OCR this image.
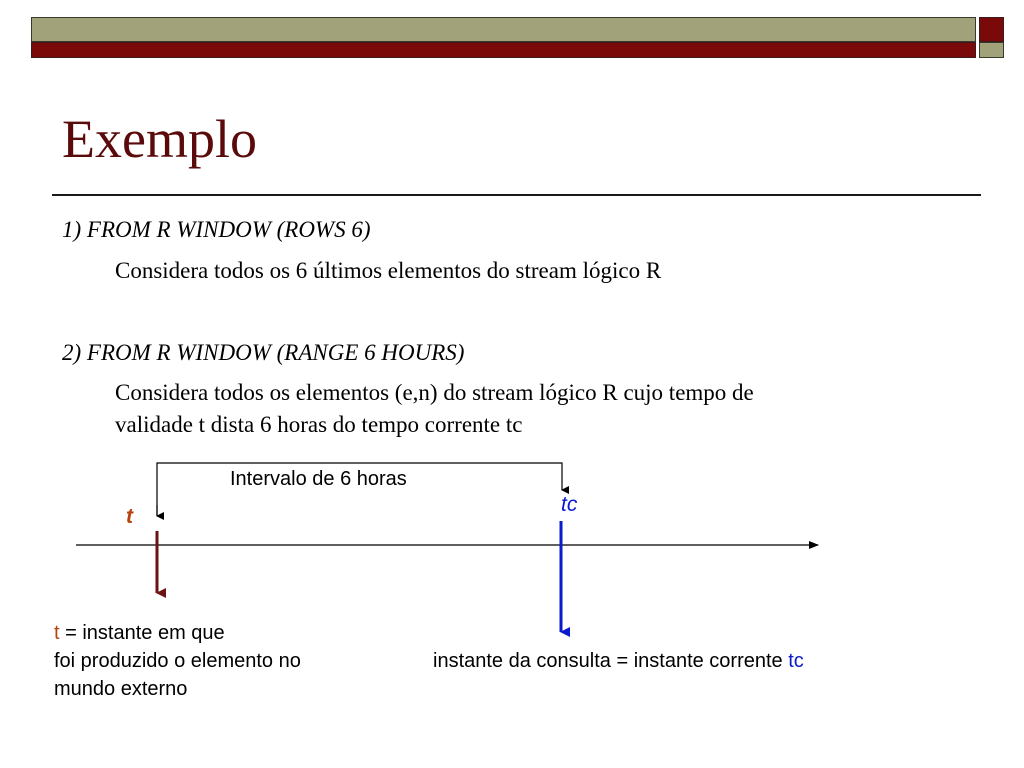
Exemplo
1) FROM R WINDOW (ROWS 6)
Considera todos os 6 últimos elementos do stream lógico R
2) FROM R WINDOW (RANGE 6 HOURS)
Considera todos os elementos (e,n) do stream lógico R cujo tempo de
validade t dista 6 horas do tempo corrente tc
Intervalo de 6 horas
t
tc
t = instante em que
foi produzido o elemento no
mundo externo
instante da consulta = instante corrente tc
